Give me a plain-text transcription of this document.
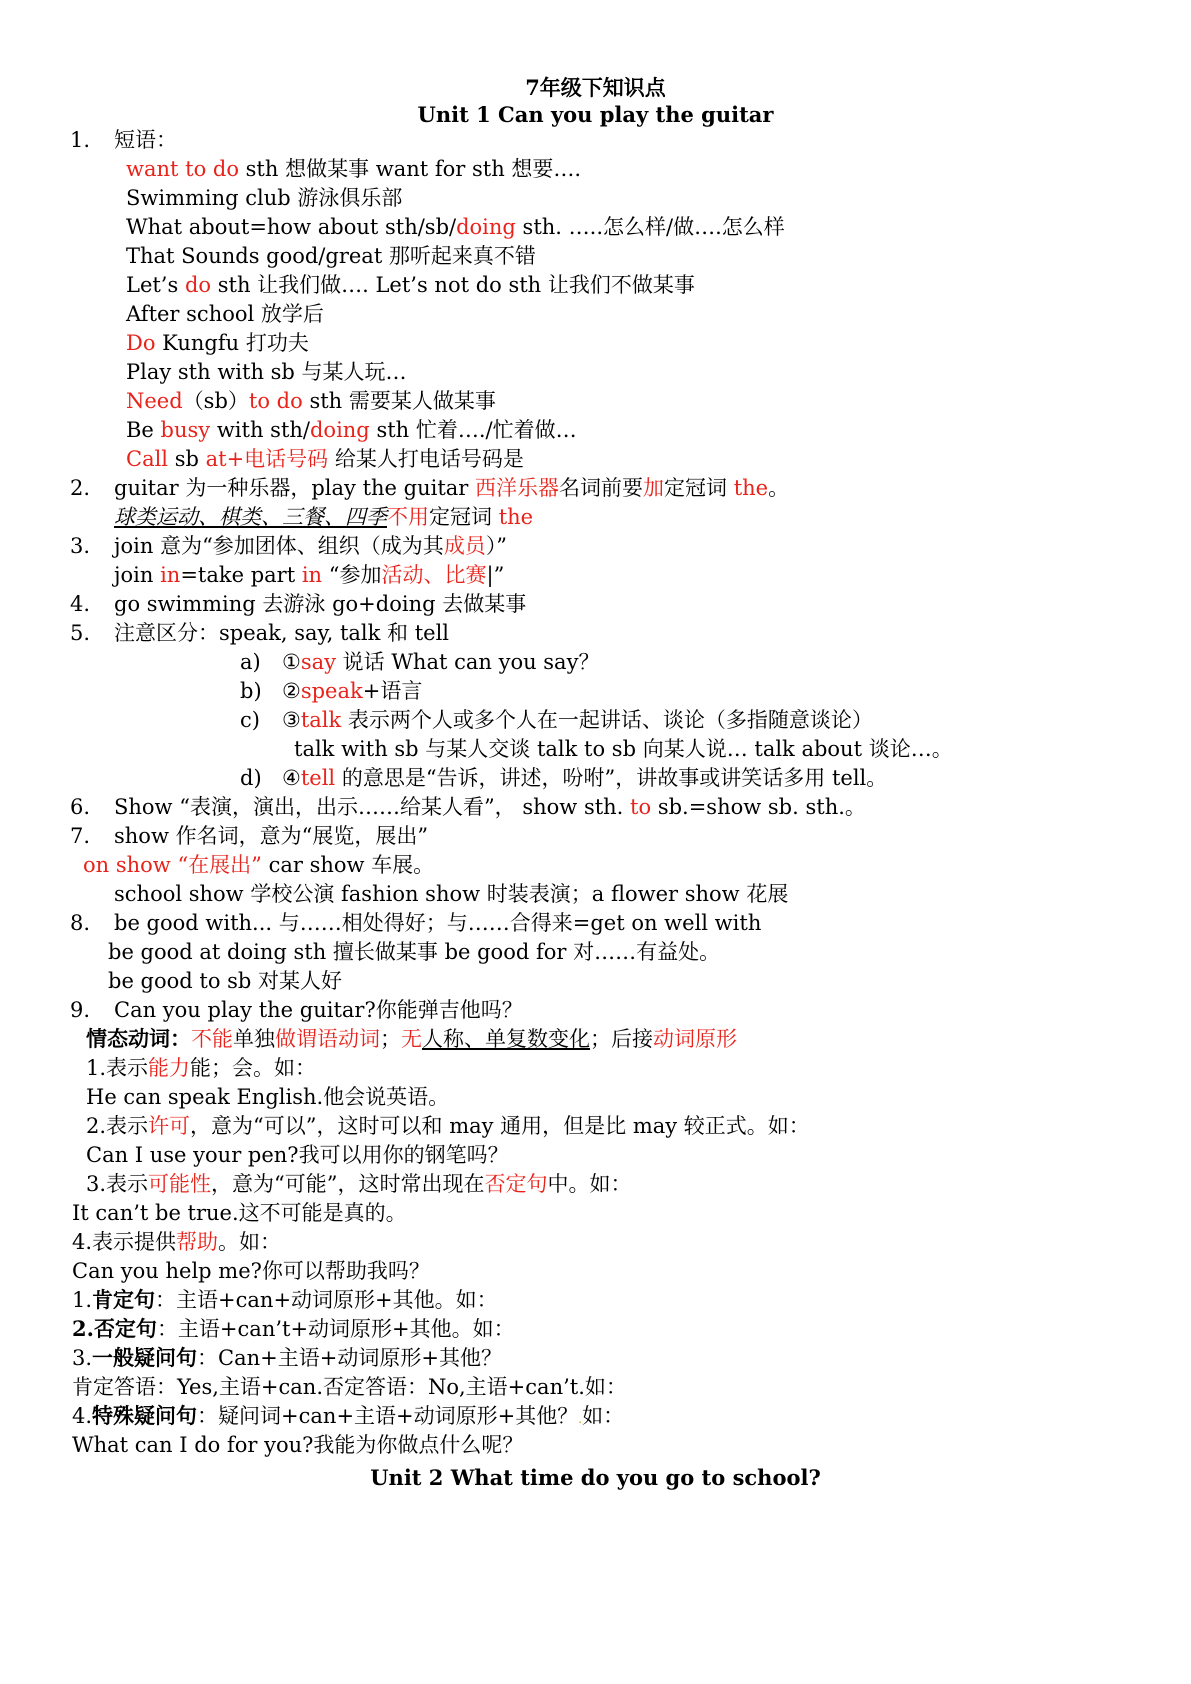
7年级下知识点
Unit 1 Can you play the guitar
1. 短语：
want to do sth 想做某事 want for sth 想要….
Swimming club 游泳俱乐部
What about=how about sth/sb/doing sth. …..怎么样/做….怎么样
That Sounds good/great 那听起来真不错
Let’s do sth 让我们做…. Let’s not do sth 让我们不做某事
After school 放学后
Do Kungfu 打功夫
Play sth with sb 与某人玩…
Need（sb）to do sth 需要某人做某事
Be busy with sth/doing sth 忙着…./忙着做…
Call sb at+电话号码 给某人打电话号码是
2. guitar 为一种乐器，play the guitar 西洋乐器名词前要加定冠词 the。
球类运动、棋类、三餐、四季不用定冠词 the
3. join 意为“参加团体、组织（成为其成员）”
join in=take part in “参加活动、比赛|”
4. go swimming 去游泳 go+doing 去做某事
5. 注意区分：speak, say, talk 和 tell
a) ①say 说话 What can you say？
b) ②speak+语言
c) ③talk 表示两个人或多个人在一起讲话、谈论（多指随意谈论）
talk with sb 与某人交谈 talk to sb 向某人说… talk about 谈论…。
d) ④tell 的意思是“告诉，讲述，吩咐”，讲故事或讲笑话多用 tell。
6. Show “表演，演出，出示……给某人看”， show sth. to sb.=show sb. sth.。
7. show 作名词，意为“展览，展出”
on show “在展出” car show 车展。
school show 学校公演 fashion show 时装表演；a flower show 花展
8. be good with... 与……相处得好；与……合得来=get on well with
be good at doing sth 擅长做某事 be good for 对……有益处。
be good to sb 对某人好
9. Can you play the guitar?你能弹吉他吗？
情态动词：不能单独做谓语动词；无人称、单复数变化；后接动词原形
1.表示能力能；会。如：
He can speak English.他会说英语。
2.表示许可，意为“可以”，这时可以和 may 通用，但是比 may 较正式。如：
Can I use your pen?我可以用你的钢笔吗？
3.表示可能性，意为“可能”，这时常出现在否定句中。如：
It can’t be true.这不可能是真的。
4.表示提供帮助。如：
Can you help me?你可以帮助我吗？
1.肯定句：主语+can+动词原形+其他。如：
2.否定句：主语+can’t+动词原形+其他。如：
3.一般疑问句：Can+主语+动词原形+其他？
肯定答语：Yes,主语+can.否定答语：No,主语+can’t.如：
4.特殊疑问句：疑问词+can+主语+动词原形+其他？.如：
What can I do for you?我能为你做点什么呢？
Unit 2 What time do you go to school?
